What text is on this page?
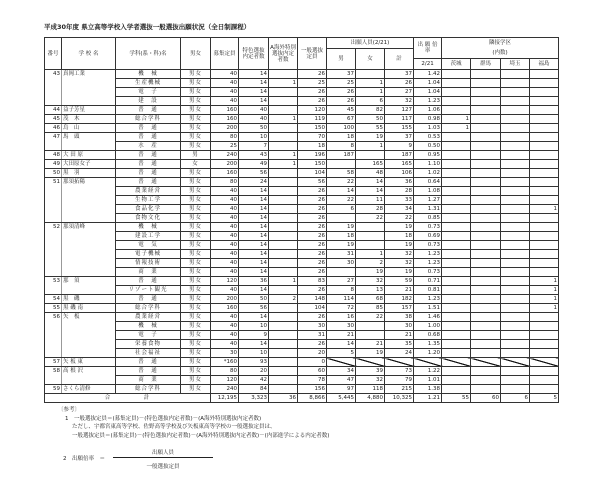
平成30年度 県立高等学校入学者選抜一般選抜出願状況（全日制課程）
番号	学 校 名	学科(系・科)名	男女	募集定員	特色選抜内定者数	A海外特別選抜内定者数	一般選抜定員	出願人員(2/21)			出 願 倍 率	隣接学区			
								男	女	計		(内数)			
											2/21	茨城	群馬	埼玉	福島
43	真岡工業	機　械	男女	40	14		26	37		37	1.42				
		生産機械	男女	40	14	1	25	25	1	26	1.04				
		電　子	男女	40	14		26	26	1	27	1.04				
		建　設	男女	40	14		26	26	6	32	1.23				
44	益子芳星	普　通	男女	160	40		120	45	82	127	1.06				
45	茂　木	総合学科	男女	160	40	1	119	67	50	117	0.98	1			
46	烏　山	普　通	男女	200	50		150	100	55	155	1.03	1			
47	馬　頭	普　通	男女	80	10		70	18	19	37	0.53				
		水　産	男女	25	7		18	8	1	9	0.50				
48	大 田 原	普　通	男	240	43	1	196	187		187	0.95				
49	大田原女子	普　通	女	200	49	1	150		165	165	1.10				
50	黒　羽	普　通	男女	160	56		104	58	48	106	1.02				
51	那須拓陽	普　通	男女	80	24		56	22	14	36	0.64				
		農業経営	男女	40	14		26	14	14	28	1.08				
		生物工学	男女	40	14		26	22	11	33	1.27				
		食品化学	男女	40	14		26	6	28	34	1.31				1
		食物文化	男女	40	14		26		22	22	0.85				
52	那須清峰	機　械	男女	40	14		26	19		19	0.73				
		建設工学	男女	40	14		26	18		18	0.69				
		電　気	男女	40	14		26	19		19	0.73				
		電子機械	男女	40	14		26	31	1	32	1.23				
		情報技術	男女	40	14		26	30	2	32	1.23				
		商　業	男女	40	14		26		19	19	0.73				
53	那　須	普　通	男女	120	36	1	83	27	32	59	0.71				1
		リゾート観光	男女	40	14		26	8	13	21	0.81				1
54	黒　磯	普　通	男女	200	50	2	148	114	68	182	1.23				1
55	黒 磯 南	総合学科	男女	160	56		104	72	85	157	1.51				1
56	矢　板	農業経営	男女	40	14		26	16	22	38	1.46				
		機　械	男女	40	10		30	30		30	1.00				
		電　子	男女	40	9		31	21		21	0.68				
		栄養食物	男女	40	14		26	14	21	35	1.35				
		社会福祉	男女	30	10		20	5	19	24	1.20				
57	矢 板 東	普　通	男女	*160	93		0								
58	高 根 沢	普　通	男女	80	20		60	34	39	73	1.22				
		商　業	男女	120	42		78	47	32	79	1.01				
59	さくら清修	総合学科	男女	240	84		156	97	118	215	1.38				
合　　　　　計				12,195	3,323	36	8,866	5,445	4,880	10,325	1.21	55	60	6	5
〔参考〕
1　一般選抜定員＝(募集定員)－(特色選抜内定者数)－(A海外特別選抜内定者数)
ただし、宇都宮東高等学校、佐野高等学校及び矢板東高等学校の一般選抜定員は、
一般選抜定員＝(募集定員)－(特色選抜内定者数)－(A海外特別選抜内定者数)－(内部進学による内定者数)
2　出願倍率　＝
出願人員
一般選抜定員
